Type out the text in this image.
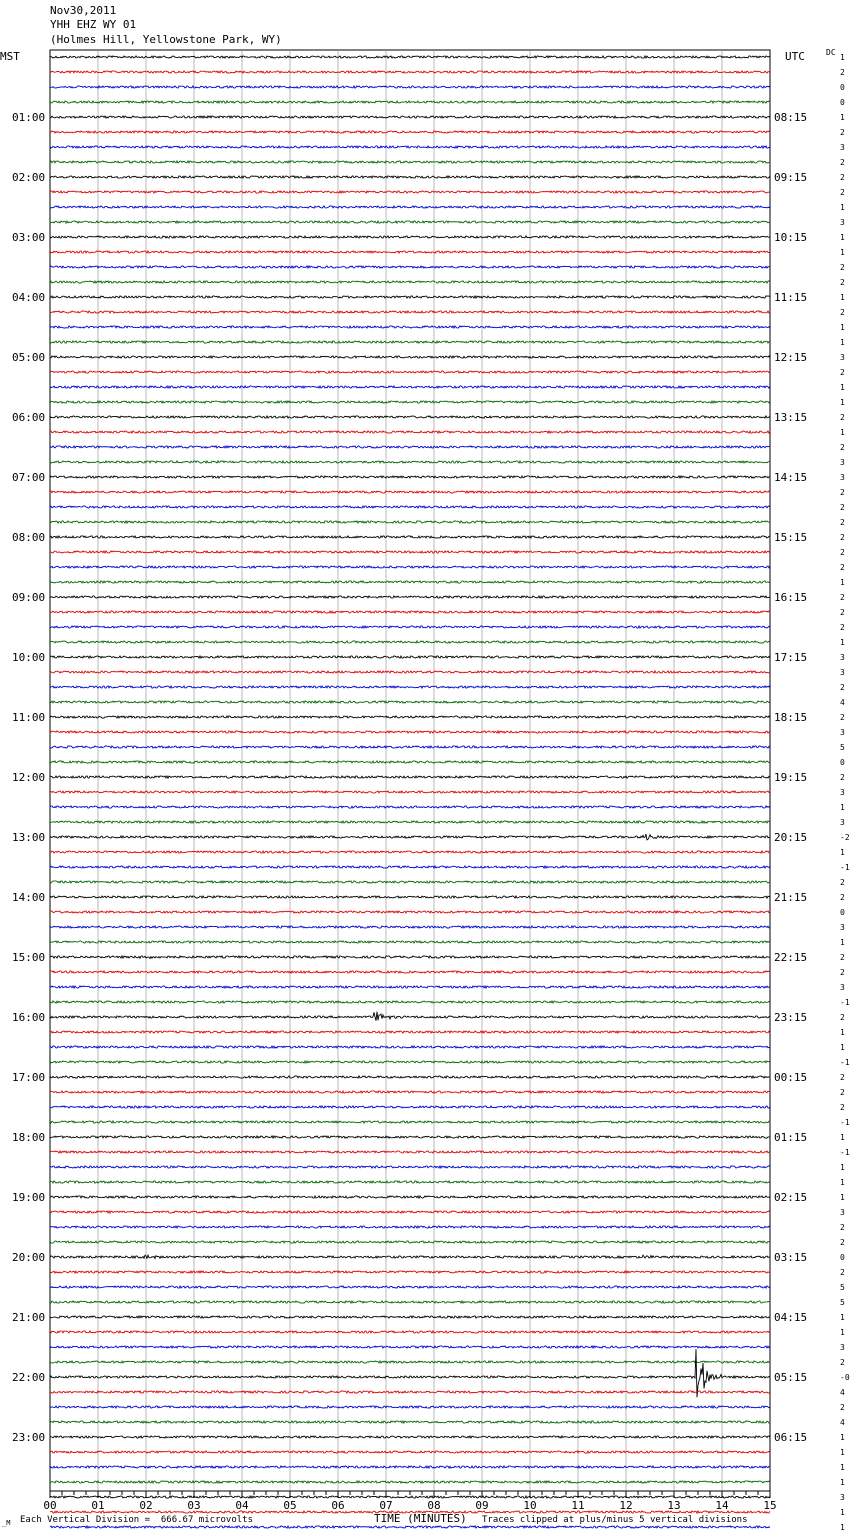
Nov30,2011
YHH EHZ WY 01
(Holmes Hill, Yellowstone Park, WY)
MST	UTC	DC
1
2
0
0
1
2
3
2
2
2
1
3
1
1
2
2
1
2
1
1
3
2
1
1
2
1
2
3
3
2
2
2
2
2
2
1
2
2
2
1
3
3
2
4
2
3
5
0
2
3
1
3
-2
1
-1
2
2
0
3
1
2
2
3
-1
2
1
1
-1
2
2
2
-1
1
-1
1
1
1
3
2
2
0
2
5
5
1
1
3
2
-0
4
2
4
1
1
1
1
3
1
1
01:00	08:15
02:00	09:15
03:00	10:15
04:00	11:15
05:00	12:15
06:00	13:15
07:00	14:15
08:00	15:15
09:00	16:15
10:00	17:15
11:00	18:15
12:00	19:15
13:00	20:15
14:00	21:15
15:00	22:15
16:00	23:15
17:00	00:15
18:00	01:15
19:00	02:15
20:00	03:15
21:00	04:15
22:00	05:15
23:00	06:15
00	01	02	03	04	05	06	07	08	09	10	11	12	13	14	15
_M Each Vertical Division =  666.67 microvolts	TIME (MINUTES) Traces clipped at plus/minus 5 vertical divisions
